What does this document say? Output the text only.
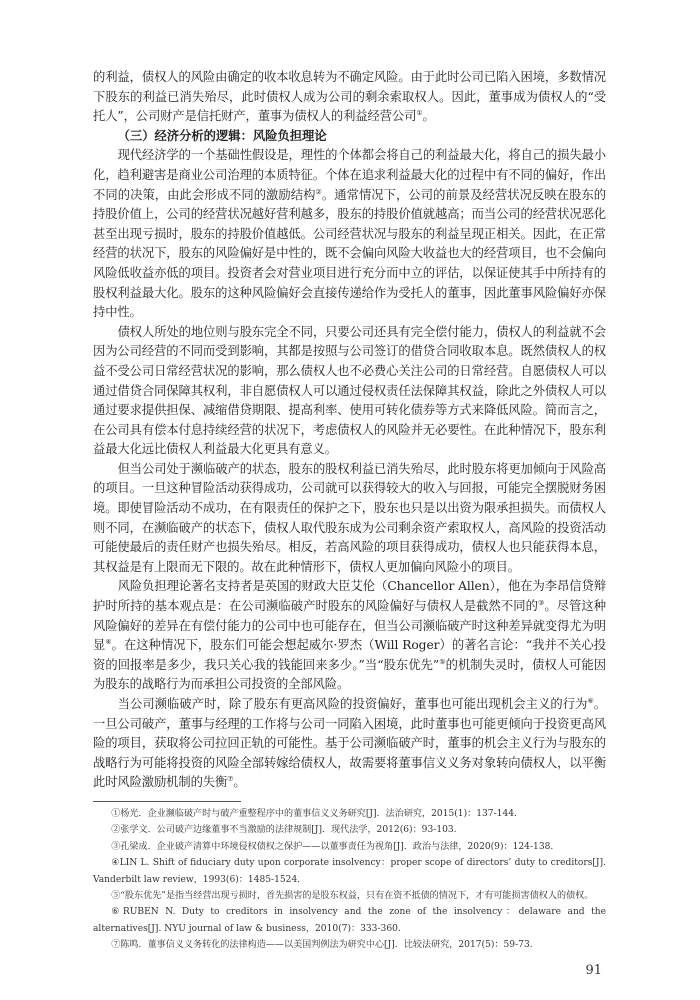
的利益，债权人的风险由确定的收本收息转为不确定风险。由于此时公司已陷入困境，多数情况下股东的利益已消失殆尽，此时债权人成为公司的剩余索取权人。因此，董事成为债权人的“受托人”，公司财产是信托财产，董事为债权人的利益经营公司①。

（三）经济分析的逻辑：风险负担理论

现代经济学的一个基础性假设是，理性的个体都会将自己的利益最大化，将自己的损失最小化，趋利避害是商业公司治理的本质特征。个体在追求利益最大化的过程中有不同的偏好，作出不同的决策，由此会形成不同的激励结构②。通常情况下，公司的前景及经营状况反映在股东的持股价值上，公司的经营状况越好营利越多，股东的持股价值就越高；而当公司的经营状况恶化甚至出现亏损时，股东的持股价值越低。公司经营状况与股东的利益呈现正相关。因此，在正常经营的状况下，股东的风险偏好是中性的，既不会偏向风险大收益也大的经营项目，也不会偏向风险低收益亦低的项目。投资者会对营业项目进行充分而中立的评估，以保证使其手中所持有的股权利益最大化。股东的这种风险偏好会直接传递给作为受托人的董事，因此董事风险偏好亦保持中性。

债权人所处的地位则与股东完全不同，只要公司还具有完全偿付能力，债权人的利益就不会因为公司经营的不同而受到影响，其都是按照与公司签订的借贷合同收取本息。既然债权人的权益不受公司日常经营状况的影响，那么债权人也不必费心关注公司的日常经营。自愿债权人可以通过借贷合同保障其权利，非自愿债权人可以通过侵权责任法保障其权益，除此之外债权人可以通过要求提供担保、减缩借贷期限、提高利率、使用可转化债券等方式来降低风险。简而言之，在公司具有偿本付息持续经营的状况下，考虑债权人的风险并无必要性。在此种情况下，股东利益最大化远比债权人利益最大化更具有意义。

但当公司处于濒临破产的状态，股东的股权利益已消失殆尽，此时股东将更加倾向于风险高的项目。一旦这种冒险活动获得成功，公司就可以获得较大的收入与回报，可能完全摆脱财务困境。即使冒险活动不成功，在有限责任的保护之下，股东也只是以出资为限承担损失。而债权人则不同，在濒临破产的状态下，债权人取代股东成为公司剩余资产索取权人，高风险的投资活动可能使最后的责任财产也损失殆尽。相反，若高风险的项目获得成功，债权人也只能获得本息，其权益是有上限而无下限的。故在此种情形下，债权人更加偏向风险小的项目。

风险负担理论著名支持者是英国的财政大臣艾伦（Chancellor Allen），他在为李昂信贷辩护时所持的基本观点是：在公司濒临破产时股东的风险偏好与债权人是截然不同的③。尽管这种风险偏好的差异在有偿付能力的公司中也可能存在，但当公司濒临破产时这种差异就变得尤为明显④。在这种情况下，股东们可能会想起威尔·罗杰（Will Roger）的著名言论：“我并不关心投资的回报率是多少，我只关心我的钱能回来多少。”当“股东优先”⑤的机制失灵时，债权人可能因为股东的战略行为而承担公司投资的全部风险。

当公司濒临破产时，除了股东有更高风险的投资偏好，董事也可能出现机会主义的行为⑥。一旦公司破产，董事与经理的工作将与公司一同陷入困境，此时董事也可能更倾向于投资更高风险的项目，获取将公司拉回正轨的可能性。基于公司濒临破产时，董事的机会主义行为与股东的战略行为可能将投资的风险全部转嫁给债权人，故需要将董事信义义务对象转向债权人，以平衡此时风险激励机制的失衡⑦。

①杨光．企业濒临破产时与破产重整程序中的董事信义义务研究[J]．法治研究，2015(1)：137-144.

②张学文．公司破产边缘董事不当激励的法律规制[J]．现代法学，2012(6)：93-103.

③孔梁成．企业破产清算中环境侵权债权之保护——以董事责任为视角[J]．政治与法律，2020(9)：124-138.

④LIN L. Shift of fiduciary duty upon corporate insolvency：proper scope of directors’ duty to creditors[J]. Vanderbilt law review，1993(6)：1485-1524．

⑤“股东优先”是指当经营出现亏损时，首先损害的是股东权益，只有在资不抵债的情况下，才有可能损害债权人的债权。

⑥RUBEN N. Duty to creditors in insolvency and the zone of the insolvency：delaware and the alternatives[J]. NYU journal of law & business，2010(7)：333-360.

⑦陈鸣．董事信义义务转化的法律构造——以美国判例法为研究中心[J]．比较法研究，2017(5)：59-73.

91
